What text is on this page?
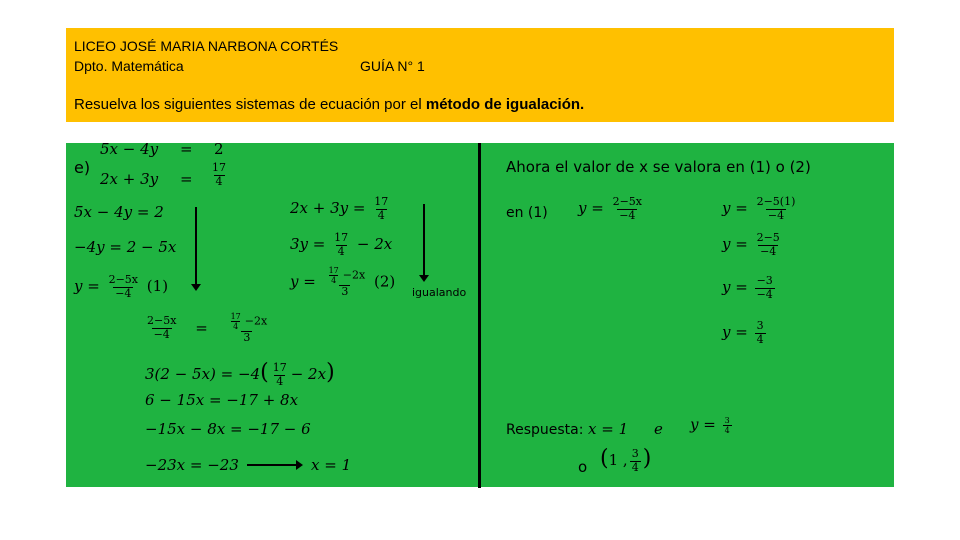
LICEO JOSÉ MARIA NARBONA CORTÉS
Dpto. Matemática	GUÍA N° 1
Resuelva los siguientes sistemas de ecuación por el método de igualación.
e)
5x − 4y = 2
$2x + 3y = \frac{17}{4}$
5x − 4y = 2
−4y = 2 − 5x
$y = \frac{2-5x}{-4} (1)$
$2x + 3y = \frac{17}{4}$
$3y = \frac{17}{4} - 2x$
$y = \frac{\frac{17}{4} -2x}{3} (2)$
igualando
$\frac{2-5x}{-4} = \frac{\frac{17}{4} -2x}{3}$
$3(2 - 5x) = -4( \frac{17}{4} - 2x)$
6 − 15x = −17 + 8x
−15x − 8x = −17 − 6
−23x = −23	x = 1
Ahora el valor de x se valora en (1) o (2)
en (1) $y = \frac{2-5x}{-4}$	$y = \frac{2-5(1)}{-4}$
$y = \frac{2-5}{-4}$
$y = \frac{-3}{-4}$
$y = \frac{3}{4}$
Respuesta: x = 1 e $y = \frac{3}{4}$
o (1 , $\frac{3}{4}$ )
